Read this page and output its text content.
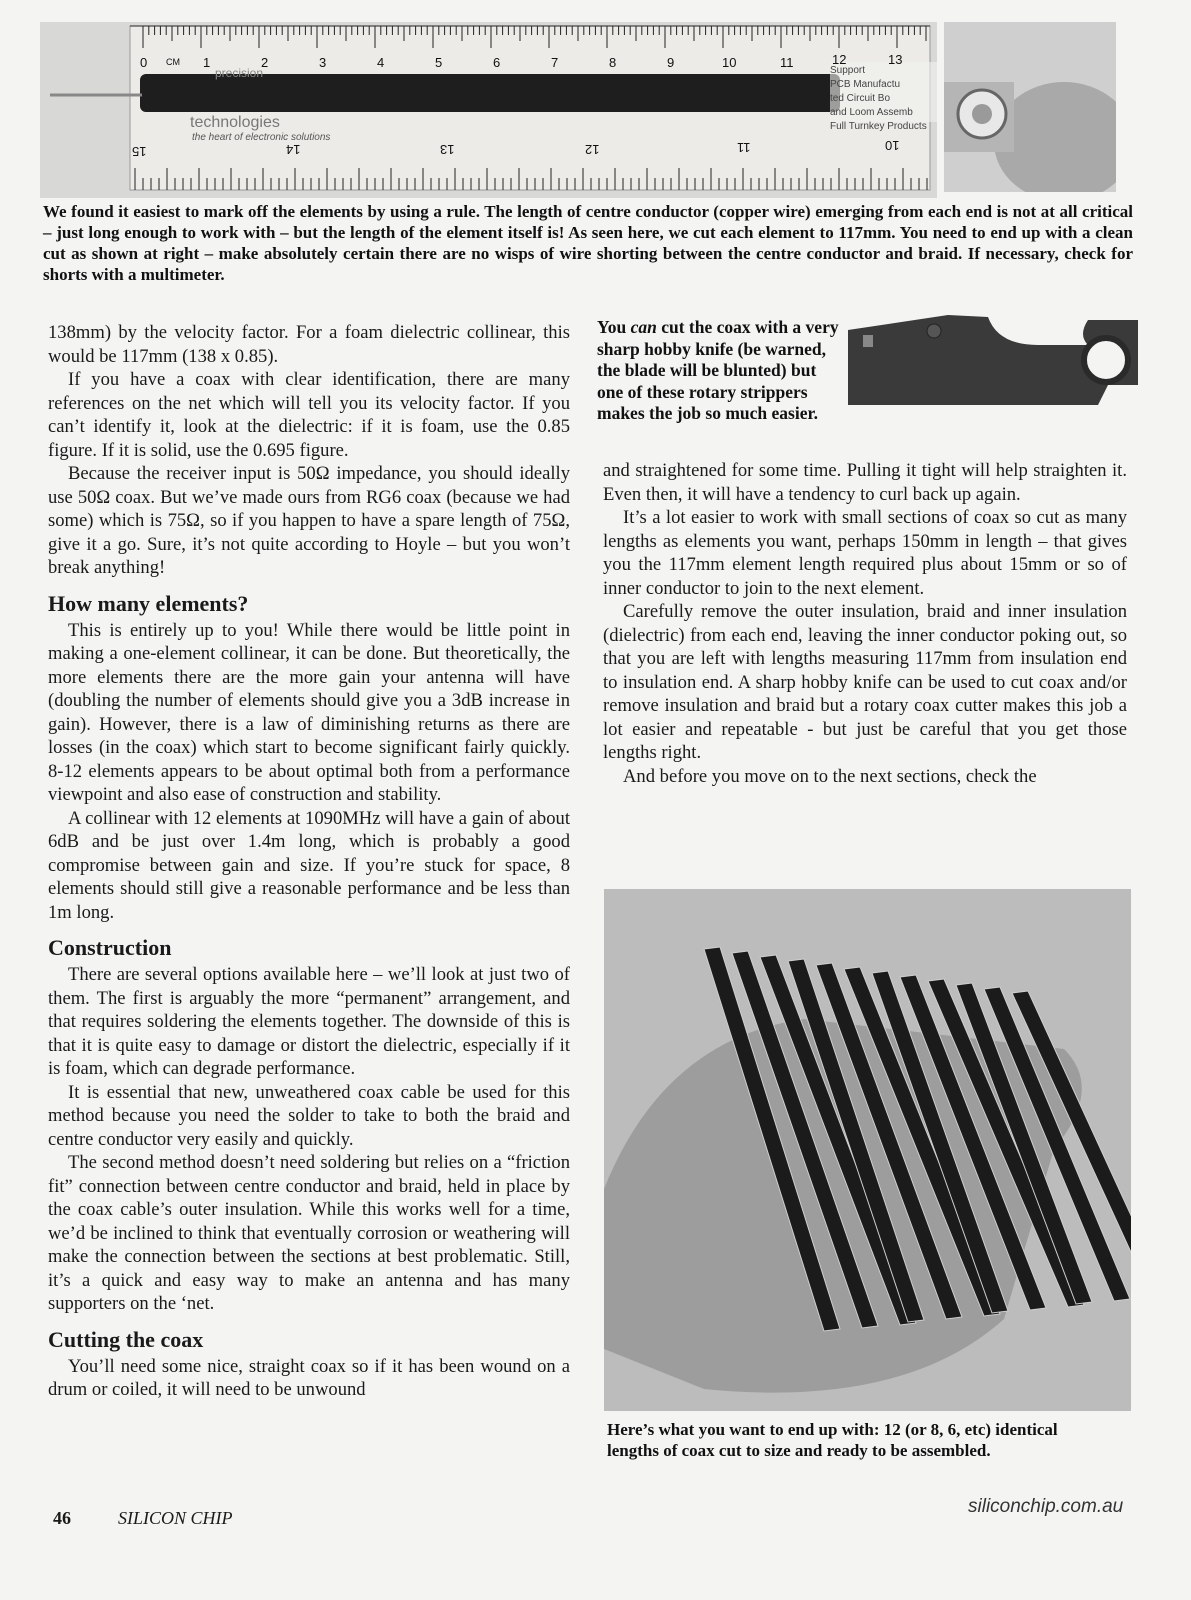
0 CM 1	2	3	4	5	6	7	8	9	10	11	12	13
15	14	13	12	11	10
technologies
the heart of electronic solutions
precision	Support
PCB Manufactu
ted Circuit Bo
and Loom Assemb
Full Turnkey Products
We found it easiest to mark off the elements by using a rule. The length of centre conductor (copper wire) emerging from each end is not at all critical – just long enough to work with – but the length of the element itself is! As seen here, we cut each element to 117mm. You need to end up with a clean cut as shown at right – make absolutely certain there are no wisps of wire shorting between the centre conductor and braid. If necessary, check for shorts with a multimeter.
You can cut the coax with a very sharp hobby knife (be warned, the blade will be blunted) but one of these rotary strippers makes the job so much easier.

138mm) by the velocity factor. For a foam dielectric collinear, this would be 117mm (138 x 0.85).

If you have a coax with clear identification, there are many references on the net which will tell you its velocity factor. If you can’t identify it, look at the dielectric: if it is foam, use the 0.85 figure. If it is solid, use the 0.695 figure.

Because the receiver input is 50Ω impedance, you should ideally use 50Ω coax. But we’ve made ours from RG6 coax (because we had some) which is 75Ω, so if you happen to have a spare length of 75Ω, give it a go. Sure, it’s not quite according to Hoyle – but you won’t break anything!

How many elements?

This is entirely up to you! While there would be little point in making a one-element collinear, it can be done. But theoretically, the more elements there are the more gain your antenna will have (doubling the number of elements should give you a 3dB increase in gain). However, there is a law of diminishing returns as there are losses (in the coax) which start to become significant fairly quickly. 8-12 elements appears to be about optimal both from a performance viewpoint and also ease of construction and stability.

A collinear with 12 elements at 1090MHz will have a gain of about 6dB and be just over 1.4m long, which is probably a good compromise between gain and size. If you’re stuck for space, 8 elements should still give a reasonable performance and be less than 1m long.

Construction

There are several options available here – we’ll look at just two of them. The first is arguably the more “permanent” arrangement, and that requires soldering the elements together. The downside of this is that it is quite easy to damage or distort the dielectric, especially if it is foam, which can degrade performance.

It is essential that new, unweathered coax cable be used for this method because you need the solder to take to both the braid and centre conductor very easily and quickly.

The second method doesn’t need soldering but relies on a “friction fit” connection between centre conductor and braid, held in place by the coax cable’s outer insulation. While this works well for a time, we’d be inclined to think that eventually corrosion or weathering will make the connection between the sections at best problematic. Still, it’s a quick and easy way to make an antenna and has many supporters on the ‘net.

Cutting the coax

You’ll need some nice, straight coax so if it has been wound on a drum or coiled, it will need to be unwound

and straightened for some time. Pulling it tight will help straighten it. Even then, it will have a tendency to curl back up again.

It’s a lot easier to work with small sections of coax so cut as many lengths as elements you want, perhaps 150mm in length – that gives you the 117mm element length required plus about 15mm or so of inner conductor to join to the next element.

Carefully remove the outer insulation, braid and inner insulation (dielectric) from each end, leaving the inner conductor poking out, so that you are left with lengths measuring 117mm from insulation end to insulation end. A sharp hobby knife can be used to cut coax and/or remove insulation and braid but a rotary coax cutter makes this job a lot easier and repeatable - but just be careful that you get those lengths right.

And before you move on to the next sections, check the

Here’s what you want to end up with: 12 (or 8, 6, etc) identical lengths of coax cut to size and ready to be assembled.
46	SILICON CHIP
siliconchip.com.au
